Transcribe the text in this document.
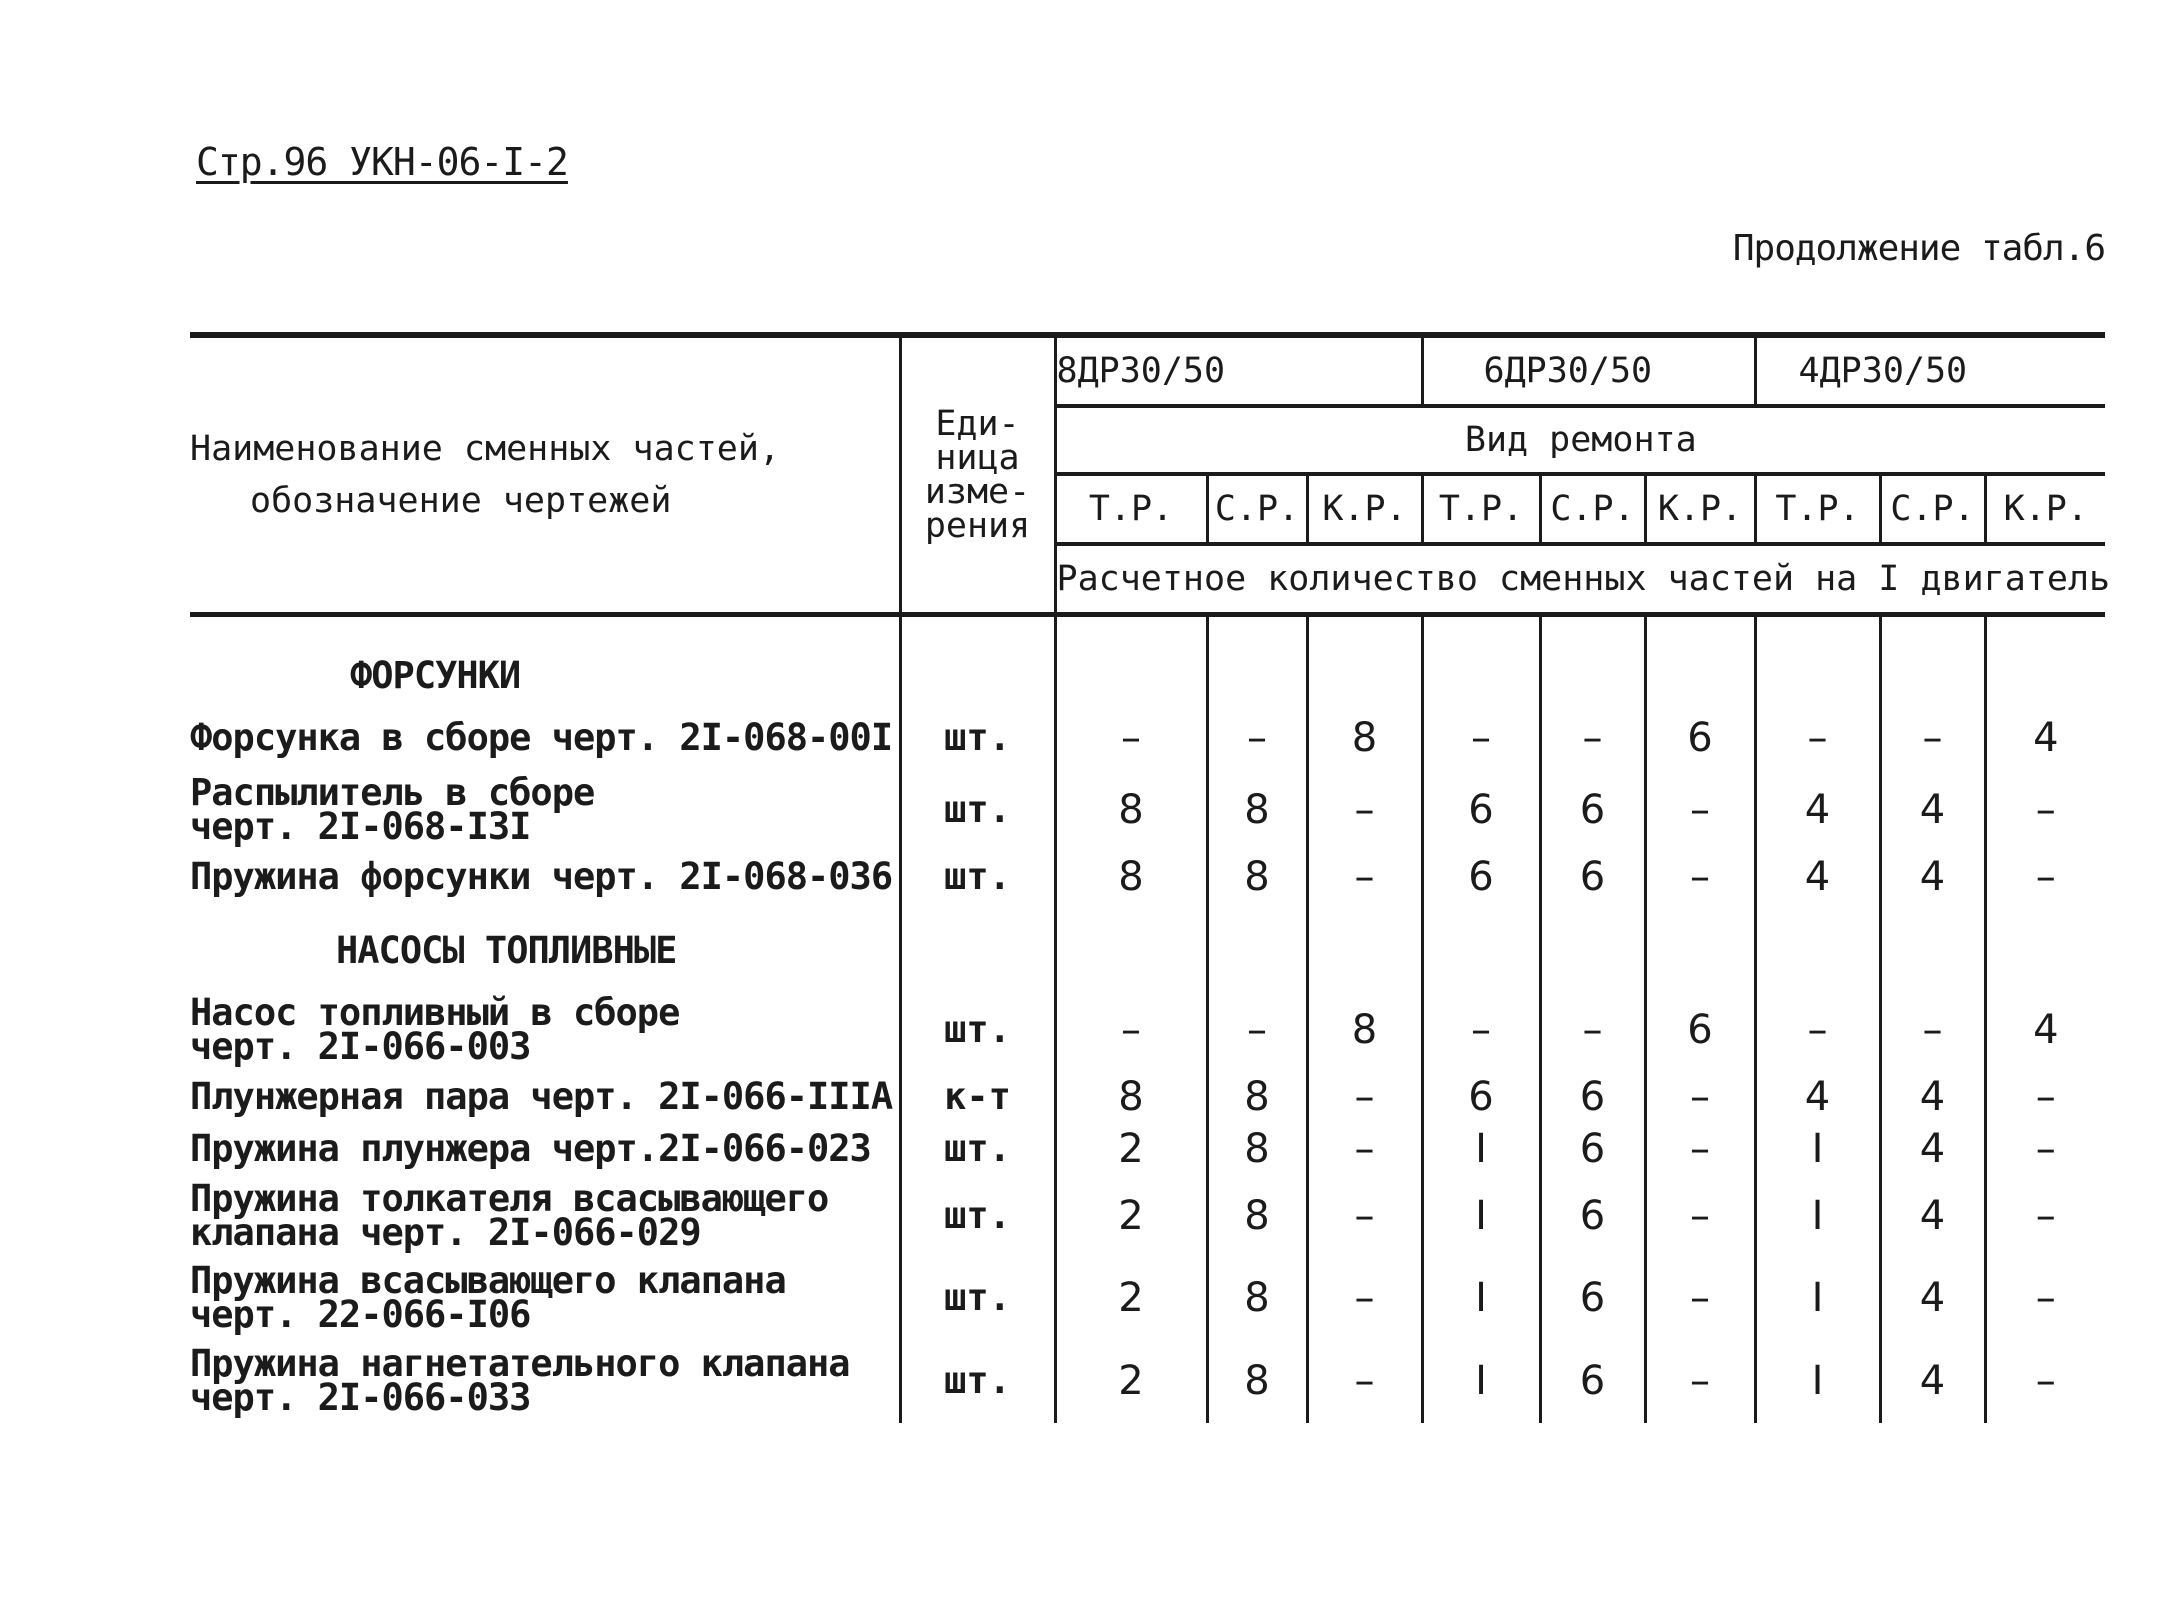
Стр.96 УКН-06-I-2
Продолжение табл.6
Наименование сменных частей,
обозначение чертежей	Еди-
ница
изме-
рения	8ДР30/50			6ДР30/50			4ДР30/50		
		Вид ремонта								
		Т.Р.	С.Р.	К.Р.	Т.Р.	С.Р.	К.Р.	Т.Р.	С.Р.	К.Р.
		Расчетное количество сменных частей на I двигатель								

ФОРСУНКИ										

Форсунка в сборе черт. 2I-068-00I	шт.	–	–	8	–	–	6	–	–	4

Распылитель в сборе
черт. 2I-068-I3I	шт.	8	8	–	6	6	–	4	4	–

Пружина форсунки черт. 2I-068-036	шт.	8	8	–	6	6	–	4	4	–

НАСОСЫ ТОПЛИВНЫЕ										

Насос топливный в сборе
черт. 2I-066-003	шт.	–	–	8	–	–	6	–	–	4

Плунжерная пара черт. 2I-066-IIIA	к-т	8	8	–	6	6	–	4	4	–

Пружина плунжера черт.2I-066-023	шт.	2	8	–	I	6	–	I	4	–

Пружина толкателя всасывающего
клапана черт. 2I-066-029	шт.	2	8	–	I	6	–	I	4	–

Пружина всасывающего клапана
черт. 22-066-I06	шт.	2	8	–	I	6	–	I	4	–

Пружина нагнетательного клапана
черт. 2I-066-033	шт.	2	8	–	I	6	–	I	4	–
